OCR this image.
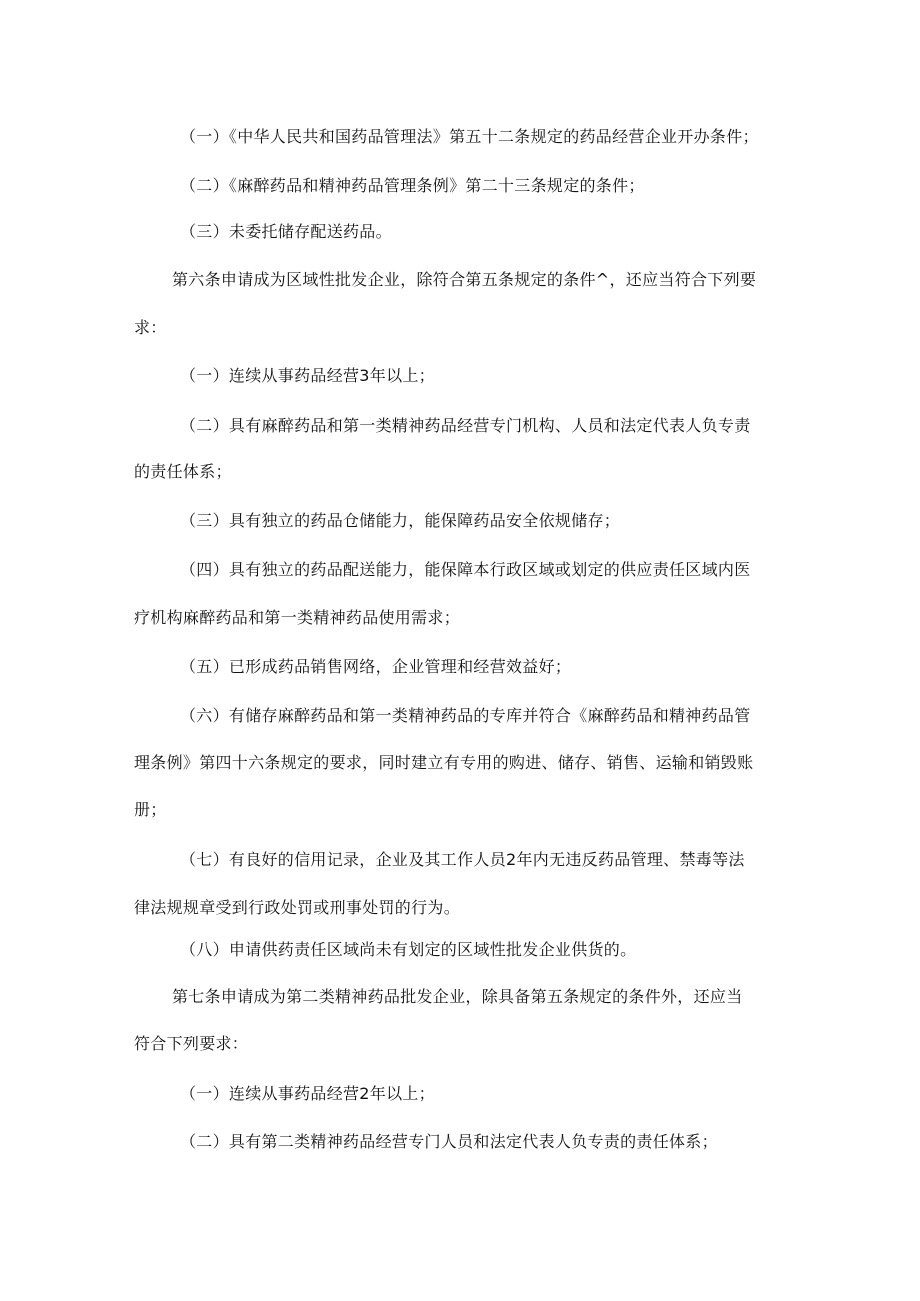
（一）《中华人民共和国药品管理法》第五十二条规定的药品经营企业开办条件；
（二）《麻醉药品和精神药品管理条例》第二十三条规定的条件；
（三）未委托储存配送药品。
第六条申请成为区域性批发企业，除符合第五条规定的条件^，还应当符合下列要
求：
（一）连续从事药品经营3年以上；
（二）具有麻醉药品和第一类精神药品经营专门机构、人员和法定代表人负专责
的责任体系；
（三）具有独立的药品仓储能力，能保障药品安全依规储存；
（四）具有独立的药品配送能力，能保障本行政区域或划定的供应责任区域内医
疗机构麻醉药品和第一类精神药品使用需求；
（五）已形成药品销售网络，企业管理和经营效益好；
（六）有储存麻醉药品和第一类精神药品的专库并符合《麻醉药品和精神药品管
理条例》第四十六条规定的要求，同时建立有专用的购进、储存、销售、运输和销毁账
册；
（七）有良好的信用记录，企业及其工作人员2年内无违反药品管理、禁毒等法
律法规规章受到行政处罚或刑事处罚的行为。
（八）申请供药责任区域尚未有划定的区域性批发企业供货的。
第七条申请成为第二类精神药品批发企业，除具备第五条规定的条件外，还应当
符合下列要求：
（一）连续从事药品经营2年以上；
（二）具有第二类精神药品经营专门人员和法定代表人负专责的责任体系；
